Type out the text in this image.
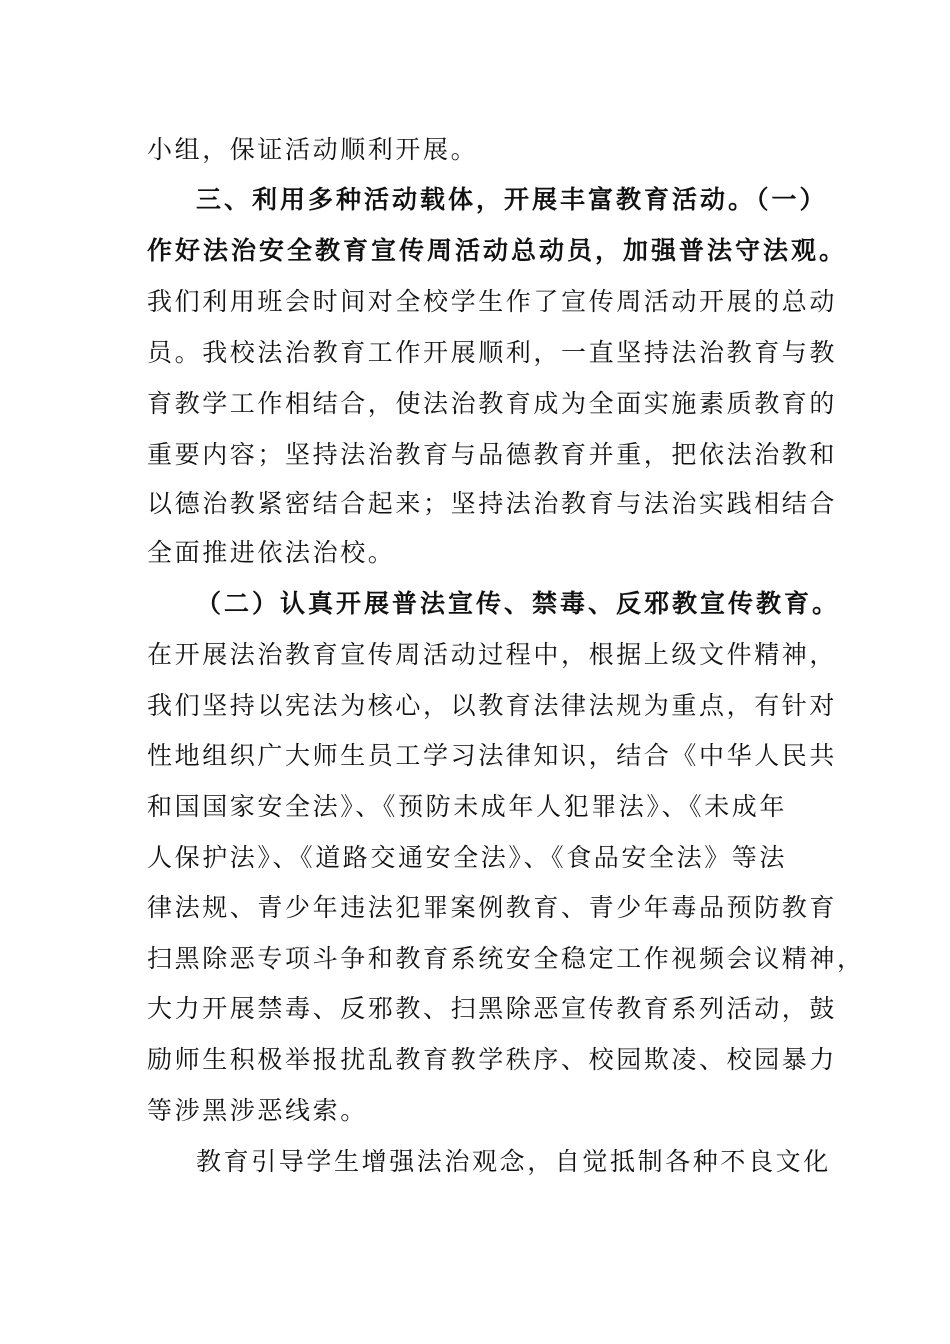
小组，保证活动顺利开展。
三、利用多种活动载体，开展丰富教育活动。（一）
作好法治安全教育宣传周活动总动员，加强普法守法观。
我们利用班会时间对全校学生作了宣传周活动开展的总动
员。我校法治教育工作开展顺利，一直坚持法治教育与教
育教学工作相结合，使法治教育成为全面实施素质教育的
重要内容；坚持法治教育与品德教育并重，把依法治教和
以德治教紧密结合起来；坚持法治教育与法治实践相结合
全面推进依法治校。
（二）认真开展普法宣传、禁毒、反邪教宣传教育。
在开展法治教育宣传周活动过程中，根据上级文件精神，
我们坚持以宪法为核心，以教育法律法规为重点，有针对
性地组织广大师生员工学习法律知识，结合《中华人民共
和国国家安全法》、《预防未成年人犯罪法》、《未成年
人保护法》、《道路交通安全法》、《食品安全法》等法
律法规、青少年违法犯罪案例教育、青少年毒品预防教育
扫黑除恶专项斗争和教育系统安全稳定工作视频会议精神，
大力开展禁毒、反邪教、扫黑除恶宣传教育系列活动，鼓
励师生积极举报扰乱教育教学秩序、校园欺凌、校园暴力
等涉黑涉恶线索。
教育引导学生增强法治观念，自觉抵制各种不良文化
